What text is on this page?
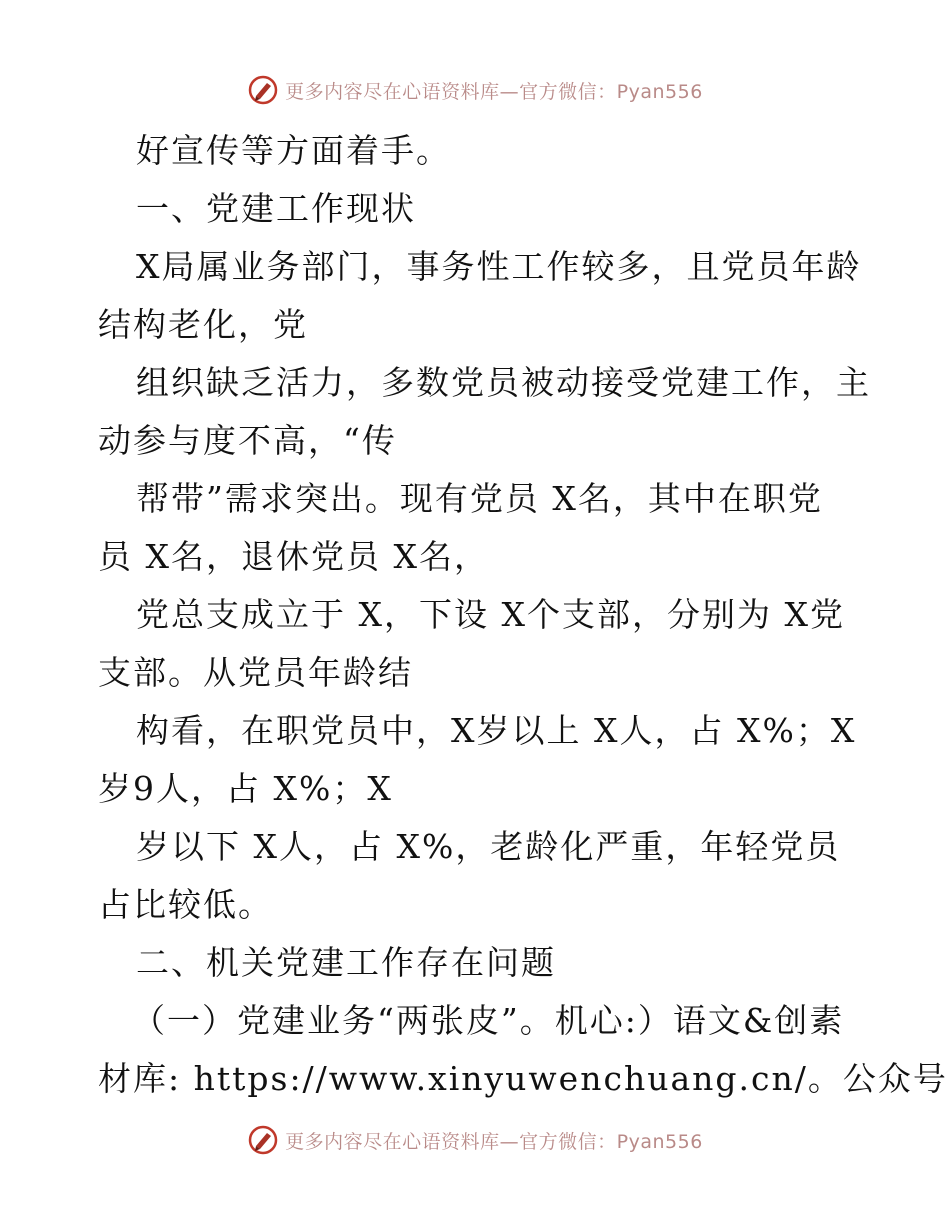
更多内容尽在心语资料库—官方微信：Pyan556
好宣传等方面着手。
一、党建工作现状
X局属业务部门，事务性工作较多，且党员年龄
结构老化，党
组织缺乏活力，多数党员被动接受党建工作，主
动参与度不高，“传
帮带”需求突出。现有党员 X名，其中在职党
员 X名，退休党员 X名，
党总支成立于 X，下设 X个支部，分别为 X党
支部。从党员年龄结
构看，在职党员中，X岁以上 X人，占 X%；X
岁9人，占 X%；X
岁以下 X人，占 X%，老龄化严重，年轻党员
占比较低。
二、机关党建工作存在问题
（一）党建业务“两张皮”。机心:）语文&创素
材库: https://www.xinyuwenchuang.cn/。公众号
更多内容尽在心语资料库—官方微信：Pyan556
